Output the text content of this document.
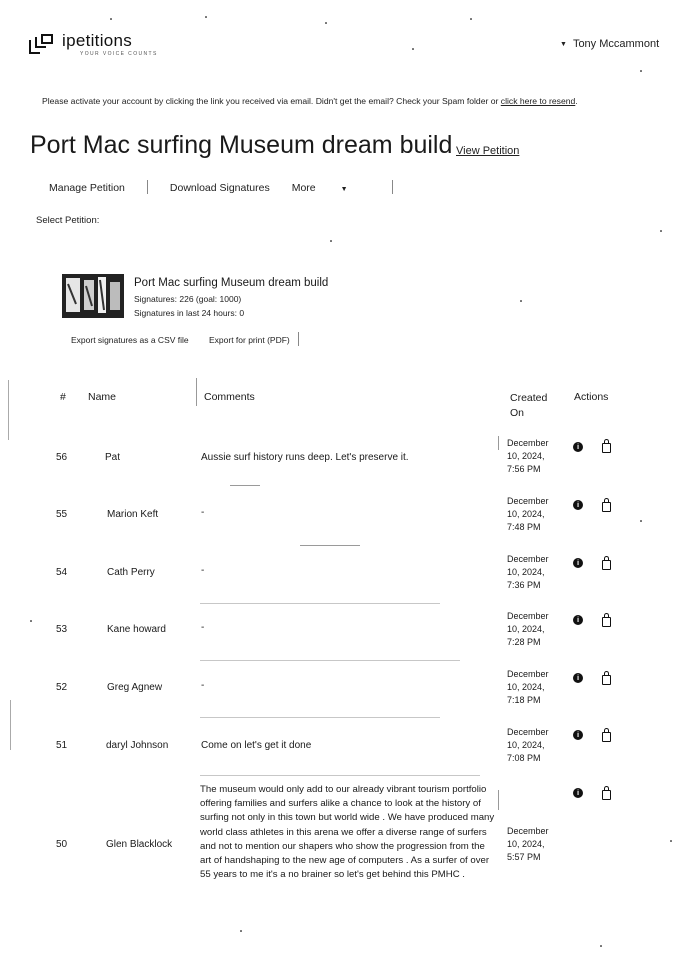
ipetitions
YOUR VOICE COUNTS
▼ Tony Mccammont
Please activate your account by clicking the link you received via email. Didn't get the email? Check your Spam folder or click here to resend.
Port Mac surfing Museum dream build View Petition
Manage Petition	Download Signatures More	▼
Select Petition:
Port Mac surfing Museum dream build
Signatures: 226 (goal: 1000)
Signatures in last 24 hours: 0
Export signatures as a CSV file Export for print (PDF)
# Name	Comments	Created
On
Actions
56	Pat	Aussie surf history runs deep. Let's preserve it.
December
10, 2024,
7:56 PM
i
55	Marion Keft	-
December
10, 2024,
7:48 PM
i
54	Cath Perry	-
December
10, 2024,
7:36 PM
i
53	Kane howard	-
December
10, 2024,
7:28 PM
i
52	Greg Agnew	-
December
10, 2024,
7:18 PM
i
51	daryl Johnson	Come on let's get it done
December
10, 2024,
7:08 PM
i
50	Glen Blacklock
The museum would only add to our already vibrant tourism portfolio offering families and surfers alike a chance to look at the history of surfing not only in this town but world wide . We have produced many world class athletes in this arena we offer a diverse range of surfers and not to mention our shapers who show the progression from the art of handshaping to the new age of computers . As a surfer of over 55 years to me it's a no brainer so let's get behind this PMHC .
December
10, 2024,
5:57 PM
i
